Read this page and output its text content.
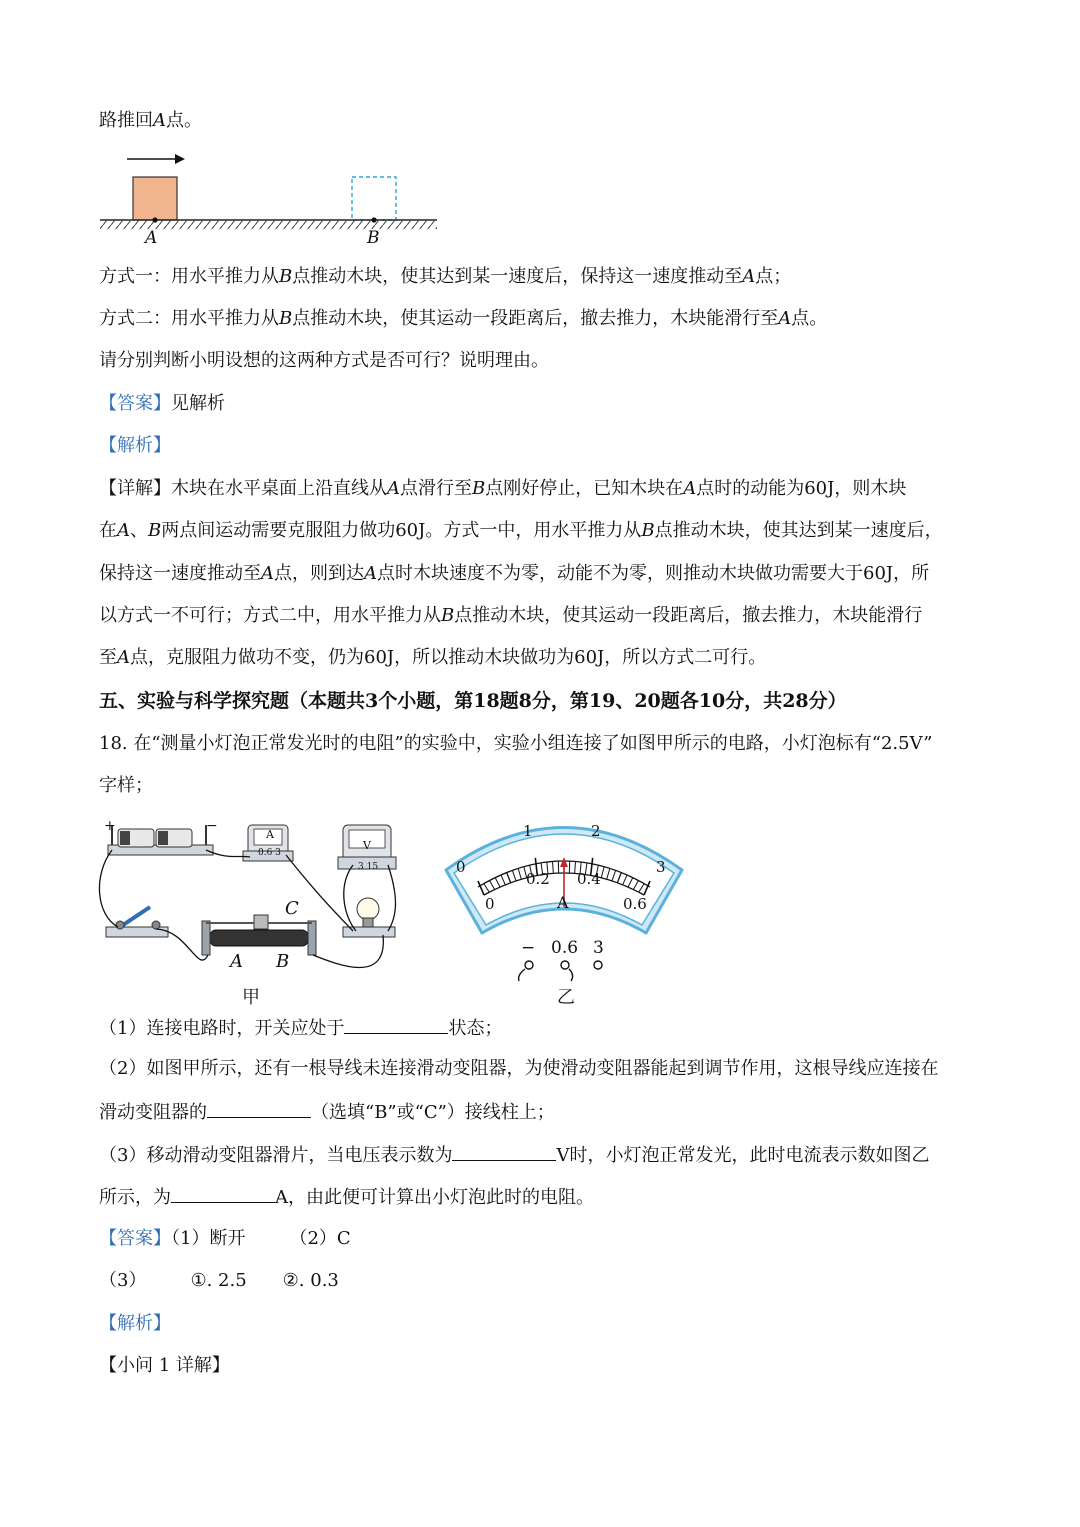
路推回A点。
A	B
方式一：用水平推力从B点推动木块，使其达到某一速度后，保持这一速度推动至A点；
方式二：用水平推力从B点推动木块，使其运动一段距离后，撤去推力，木块能滑行至A点。
请分别判断小明设想的这两种方式是否可行？说明理由。
【答案】见解析
【解析】
【详解】木块在水平桌面上沿直线从A点滑行至B点刚好停止，已知木块在A点时的动能为60J，则木块
在A、B两点间运动需要克服阻力做功60J。方式一中，用水平推力从B点推动木块，使其达到某一速度后，
保持这一速度推动至A点，则到达A点时木块速度不为零，动能不为零，则推动木块做功需要大于60J，所
以方式一不可行；方式二中，用水平推力从B点推动木块，使其运动一段距离后，撤去推力，木块能滑行
至A点，克服阻力做功不变，仍为60J，所以推动木块做功为60J，所以方式二可行。
五、实验与科学探究题（本题共3个小题，第18题8分，第19、20题各10分，共28分）
18. 在“测量小灯泡正常发光时的电阻”的实验中，实验小组连接了如图甲所示的电路，小灯泡标有“2.5V”
字样；
+	−
A
0.6 3
V
3 15
C
A B
甲
0
1	2
3
0
0.2 0.4
0.6
A
− 0.6 3
乙
（1）连接电路时，开关应处于	状态；
（2）如图甲所示，还有一根导线未连接滑动变阻器，为使滑动变阻器能起到调节作用，这根导线应连接在
滑动变阻器的	（选填“B”或“C”）接线柱上；
（3）移动滑动变阻器滑片，当电压表示数为	V时，小灯泡正常发光，此时电流表示数如图乙
所示，为	A，由此便可计算出小灯泡此时的电阻。
【答案】（1）断开 （2）C
（3） ①. 2.5 ②. 0.3
【解析】
【小问 1 详解】
